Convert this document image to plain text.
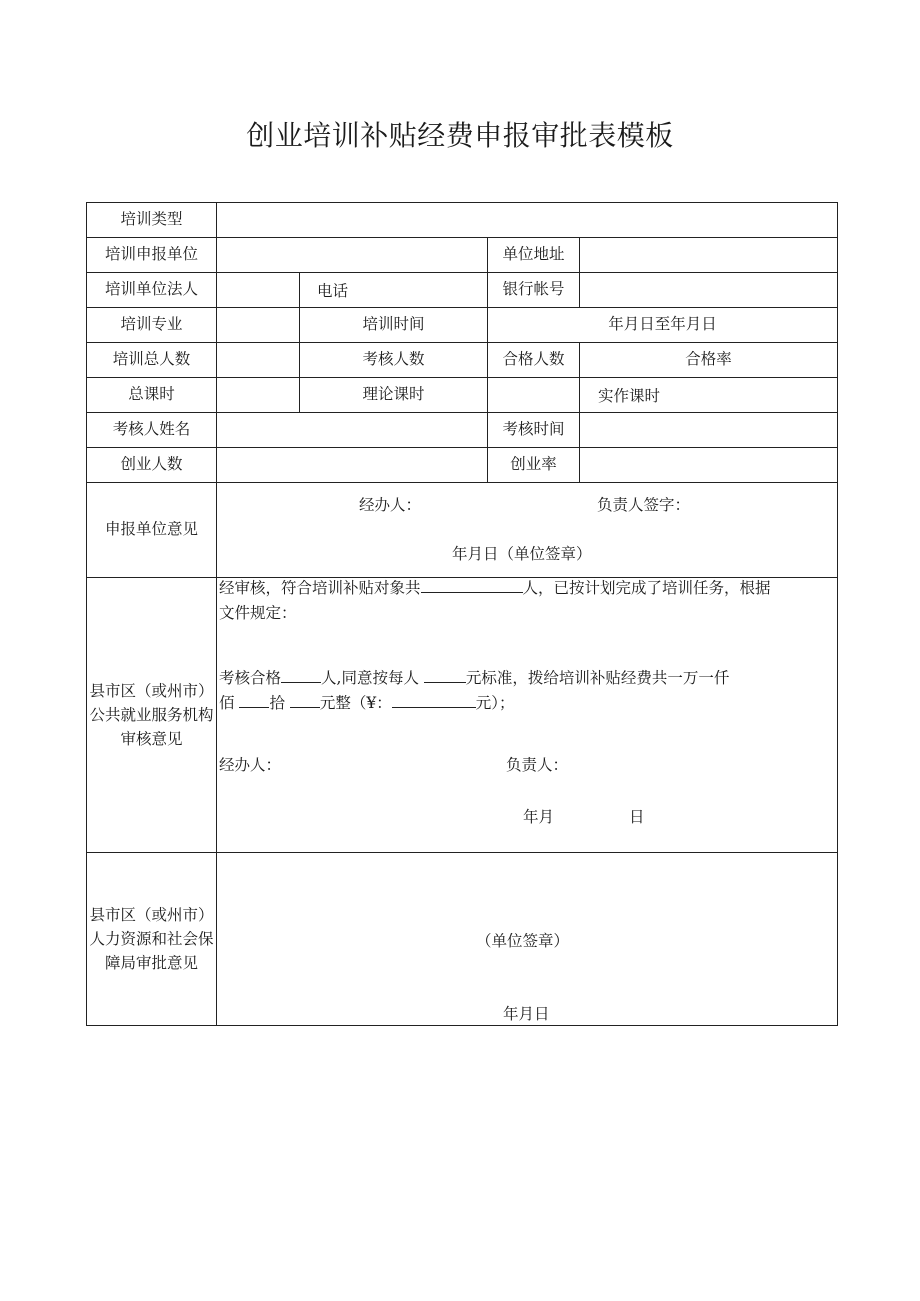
创业培训补贴经费申报审批表模板
培训类型
培训申报单位	单位地址
培训单位法人	电话	银行帐号
培训专业	培训时间	年月日至年月日
培训总人数	考核人数	合格人数	合格率
总课时	理论课时	实作课时
考核人姓名	考核时间
创业人数	创业率
申报单位意见
经办人：	负责人签字：
年月日（单位签章）
县市区（或州市）公共就业服务机构审核意见
经审核，符合培训补贴对象共	人，已按计划完成了培训任务，根据
文件规定：
考核合格	人,同意按每人	元标准，拨给培训补贴经费共一万一仟
佰 拾 元整（¥：	元）；
经办人：	负责人：
年月	日
县市区（或州市）人力资源和社会保障局审批意见
（单位签章）
年月日
